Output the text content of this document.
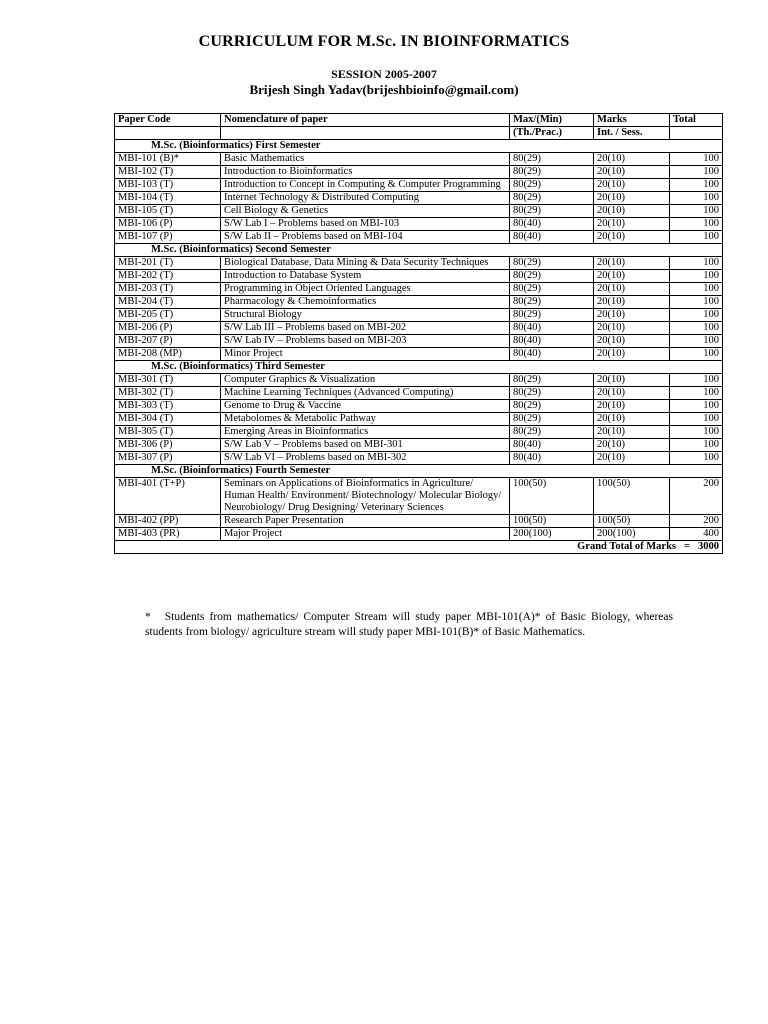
CURRICULUM FOR M.Sc. IN BIOINFORMATICS
SESSION 2005-2007
Brijesh Singh Yadav(brijeshbioinfo@gmail.com)
Paper Code	Nomenclature of paper	Max/(Min)	Marks	Total
		(Th./Prac.)	Int. / Sess.	
M.Sc. (Bioinformatics) First Semester				
MBI-101 (B)*	Basic Mathematics	80(29)	20(10)	100
MBI-102 (T)	Introduction to Bioinformatics	80(29)	20(10)	100
MBI-103 (T)	Introduction to Concept in Computing & Computer Programming	80(29)	20(10)	100
MBI-104 (T)	Internet Technology & Distributed Computing	80(29)	20(10)	100
MBI-105 (T)	Cell Biology & Genetics	80(29)	20(10)	100
MBI-106 (P)	S/W Lab I – Problems based on MBI-103	80(40)	20(10)	100
MBI-107 (P)	S/W Lab II – Problems based on MBI-104	80(40)	20(10)	100
M.Sc. (Bioinformatics) Second Semester				
MBI-201 (T)	Biological Database, Data Mining & Data Security Techniques	80(29)	20(10)	100
MBI-202 (T)	Introduction to Database System	80(29)	20(10)	100
MBI-203 (T)	Programming in Object Oriented Languages	80(29)	20(10)	100
MBI-204 (T)	Pharmacology & Chemoinformatics	80(29)	20(10)	100
MBI-205 (T)	Structural Biology	80(29)	20(10)	100
MBI-206 (P)	S/W Lab III – Problems based on MBI-202	80(40)	20(10)	100
MBI-207 (P)	S/W Lab IV – Problems based on MBI-203	80(40)	20(10)	100
MBI-208 (MP)	Minor Project	80(40)	20(10)	100
M.Sc. (Bioinformatics) Third Semester				
MBI-301 (T)	Computer Graphics & Visualization	80(29)	20(10)	100
MBI-302 (T)	Machine Learning Techniques (Advanced Computing)	80(29)	20(10)	100
MBI-303 (T)	Genome to Drug & Vaccine	80(29)	20(10)	100
MBI-304 (T)	Metabolomes & Metabolic Pathway	80(29)	20(10)	100
MBI-305 (T)	Emerging Areas in Bioinformatics	80(29)	20(10)	100
MBI-306 (P)	S/W Lab V – Problems based on MBI-301	80(40)	20(10)	100
MBI-307 (P)	S/W Lab VI – Problems based on MBI-302	80(40)	20(10)	100
M.Sc. (Bioinformatics) Fourth Semester				
MBI-401 (T+P)	Seminars on Applications of Bioinformatics in Agriculture/ Human Health/ Environment/ Biotechnology/ Molecular Biology/ Neurobiology/ Drug Designing/ Veterinary Sciences	100(50)	100(50)	200
MBI-402 (PP)	Research Paper Presentation	100(50)	100(50)	200
MBI-403 (PR)	Major Project	200(100)	200(100)	400
Grand Total of Marks = 3000				
* Students from mathematics/ Computer Stream will study paper MBI-101(A)* of Basic Biology, whereas students from biology/ agriculture stream will study paper MBI-101(B)* of Basic Mathematics.
